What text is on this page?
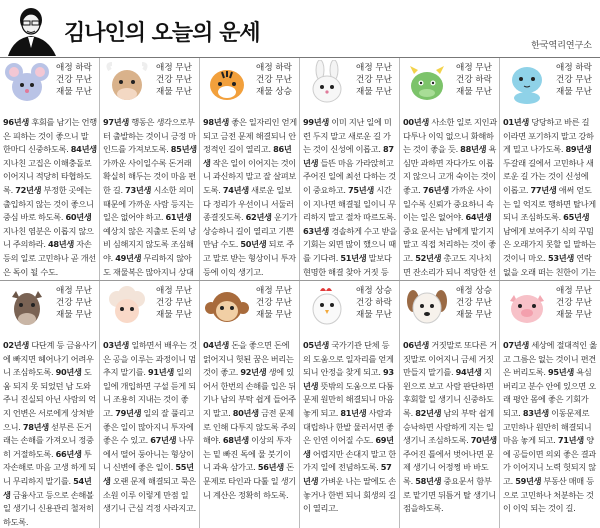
김나인의 오늘의 운세	한국역리연구소
애정 하락
건강 무난
재물 무난
96년생 후회를 남기는 언행은 피하는 것이 좋으니 말 한마디 신중하도록. 84년생 지나친 고집은 이해충돌로 이어지니 적당히 타협하도록. 72년생 부정한 곳에는 출입하지 않는 것이 좋으니 중심 바로 하도록. 60년생 지나친 염분은 이롭지 않으니 주의하라. 48년생 자손 등의 일로 고민하나 곧 개선은 독이 될 수도.
애정 무난
건강 무난
재물 무난
97년생 행동은 생각으로부터 출발하는 것이니 긍정 마인드를 가져보도록. 85년생 가까운 사이일수록 돈거래 확실히 해두는 것이 마음 편한 길. 73년생 시소한 의미 때문에 가까운 사람 등지는 일은 없어야 하고. 61년생 예상치 않은 지출로 돈의 낭비 심해지지 않도록 조심해야. 49년생 무리하지 않아도 재물복은 많아지니 상대
애정 하락
건강 무난
재물 상승
98년생 좋은 일자리인 얻게 되고 금전 문제 해결되니 안정적인 길이 열리고. 86년생 작은 일이 이어지는 것이니 과신하지 말고 잘 살펴보도록. 74년생 새로운 일보다 정리가 우선이니 서둘러 종결짓도록. 62년생 운기가 상승하니 길이 열리고 기쁜 만남 수도. 50년생 되로 주고 말로 받는 형상이니 투자 등에 이익 생기고.
애정 무난
건강 무난
재물 무난
99년생 이미 지난 일에 미련 두지 말고 새로운 길 가는 것이 신성에 이롭고. 87년생 들뜬 마음 가라앉히고 주어진 일에 최선 다하는 것이 중요하고. 75년생 시간이 지나면 해결될 일이니 무리하지 말고 절차 따르도록. 63년생 경솔하게 수고 받을 기회는 외면 많이 했으니 때를 기다려. 51년생 말보다 현명한 해결 찾아 거짓 등
애정 무난
건강 하락
재물 무난
00년생 사소한 일로 지인과 다투나 이익 없으니 화해하는 것이 좋을 듯. 88년생 욕심만 과하면 자다가도 이롭지 않으니 고개 숙이는 것이 좋고. 76년생 가까운 사이일수록 신뢰가 중요하니 속이는 일은 없어야. 64년생 중요 문서는 남에게 맡기지 말고 직접 처리하는 것이 좋고. 52년생 총고도 지나치면 잔소리가 되니 적당한 선
애정 하락
건강 무난
재물 무난
01년생 당당하고 바른 길 이라면 포기하지 말고 강하게 밀고 나가도록. 89년생 두갈래 길에서 고민하나 새로운 길 가는 것이 신성에 이롭고. 77년생 애써 얻도는 일 억지로 행하면 탈나게 되니 조심하도록. 65년생 남에게 보여주기 식의 꾸밈은 오래가지 못할 일 말하는 것이니 마오. 53년생 연락없을 오래 떠는 친한이 기는
애정 무난
건강 무난
재물 무난
02년생 다단계 등 금융사기에 빠지면 헤어나기 어려우니 조심하도록. 90년생 도움 되지 못 되었던 남 도와 주니 진실되 아닌 사람의 억지 언변은 서로에게 상처받으니. 78년생 섣부른 돈거래는 손해를 가져오니 정중히 거절하도록. 66년생 투자손해로 마음 고생 하게 되니 무리하지 말기를. 54년생 금융사고 등으로 손해볼 일 생기니 신용관리 철저히 하도록.
애정 무난
건강 무난
재물 무난
03년생 일하면서 배우는 것은 공을 이루는 과정이니 멈추지 말기를. 91년생 일의 일에 개입하면 구설 듣게 되니 조용히 지내는 것이 좋고. 79년생 일의 잘 풀리고 좋은 일이 많아지니 투자에 좋은 수 있고. 67년생 나무에서 떨어 둥아니는 형상이니 신변에 좋은 일이. 55년생 오랜 문제 해결되고 묵은 소원 이루 이렇게 만점 일 생기니 근심 걱정 사라지고.
애정 무난
건강 무난
재물 무난
04년생 돈을 좋으면 돈에 얽어지니 헛된 꿈은 버리는 것이 좋고. 92년생 생에 있어서 한번의 손해를 입은 뒤 기나 남의 부탁 쉽게 들어주지 말고. 80년생 금전 문제로 인해 다투지 않도록 주의해야. 68년생 이상의 투자는 밑 빠진 독에 물 붓기이니 과욕 삼가고. 56년생 돈문제로 타인과 다툴 일 생기니 계산은 정확히 하도록.
애정 상승
건강 하락
재물 무난
05년생 국가기관 단체 등 의 도움으로 일자리를 얻게 되니 안정을 찾게 되고. 93년생 뜻밖의 도움으로 다툼 문제 원만히 해결되니 마음 놓게 되고. 81년생 사람과 대립하나 한발 물러서면 좋은 인연 이어질 수도. 69년생 어렵지만 손대지 말고 한가지 일에 전념하도록. 57년생 가벼운 나는 딸에도 손놓거나 한번 되니 회생의 길이 열리고.
애정 상승
건강 무난
재물 무난
06년생 거짓말로 또다른 거짓말로 이어지니 금세 거짓 만들지 말기를. 94년생 지윈으로 보고 사람 판단하면 후회할 일 생기니 신중하도록. 82년생 남의 부탁 쉽게 승낙하면 사람하게 지는 일 생기니 조심하도록. 70년생 주어진 틀에서 벗어나면 문제 생기니 어정쩡 바 바도록. 58년생 중요문서 함부로 맡기면 뒤틈거 탈 생기니 점을하도록.
애정 무난
건강 무난
재물 무난
07년생 세상에 절대적인 옳고 그름은 없는 것이니 편견은 버리도록. 95년생 욕심 버리고 분수 안에 있으면 오래 평안 몸에 좋은 기회가 되고. 83년생 이동문제로 고민하나 원만히 해결되니 마음 놓게 되고. 71년생 양에 공들이면 의외 좋은 결과가 이어지니 노력 헛되지 않고. 59년생 부동산 매매 등으로 고민하나 처분하는 것이 이익 되는 것이 길.
